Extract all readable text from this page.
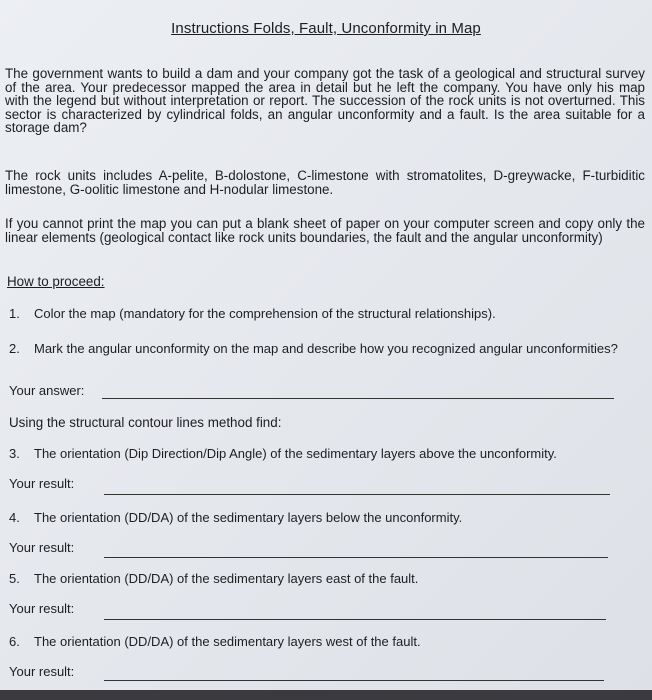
Instructions Folds, Fault, Unconformity in Map
The government wants to build a dam and your company got the task of a geological and structural survey of the area. Your predecessor mapped the area in detail but he left the company. You have only his map with the legend but without interpretation or report. The succession of the rock units is not overturned. This sector is characterized by cylindrical folds, an angular unconformity and a fault. Is the area suitable for a storage dam?
The rock units includes A-pelite, B-dolostone, C-limestone with stromatolites, D-greywacke, F-turbiditic limestone, G-oolitic limestone and H-nodular limestone.
If you cannot print the map you can put a blank sheet of paper on your computer screen and copy only the linear elements (geological contact like rock units boundaries, the fault and the angular unconformity)
How to proceed:
1. Color the map (mandatory for the comprehension of the structural relationships).
2. Mark the angular unconformity on the map and describe how you recognized angular unconformities?
Your answer:
Using the structural contour lines method find:
3. The orientation (Dip Direction/Dip Angle) of the sedimentary layers above the unconformity.
Your result:
4. The orientation (DD/DA) of the sedimentary layers below the unconformity.
Your result:
5. The orientation (DD/DA) of the sedimentary layers east of the fault.
Your result:
6. The orientation (DD/DA) of the sedimentary layers west of the fault.
Your result:
